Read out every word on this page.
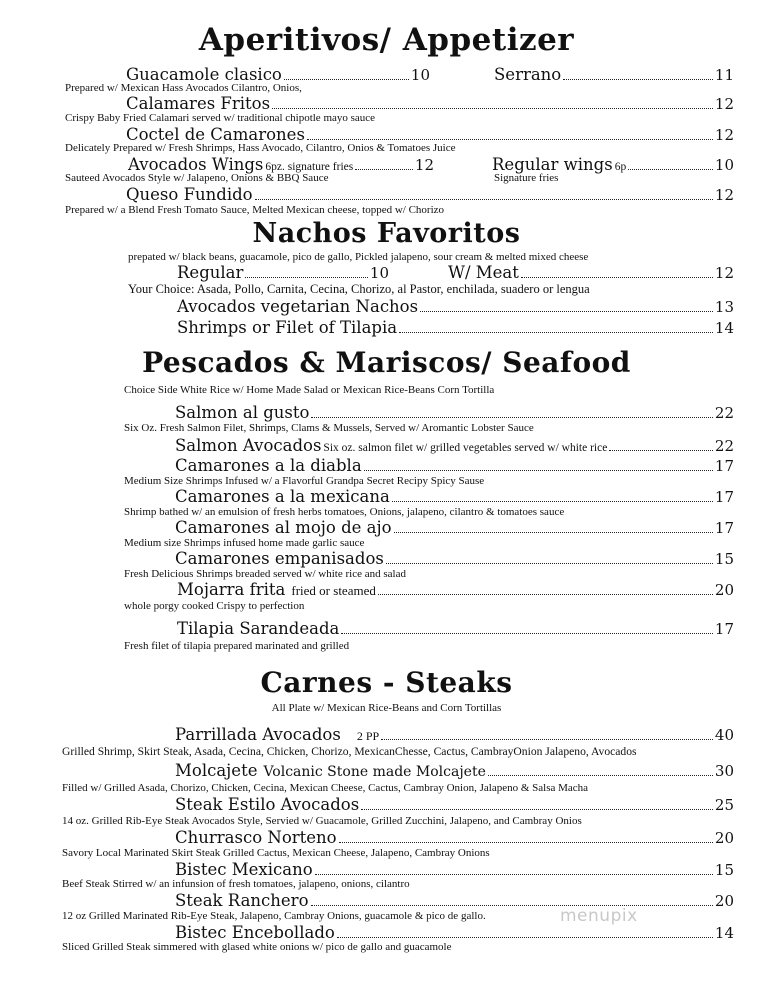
Aperitivos/ Appetizer
Guacamole clasico	10	Serrano	11
Prepared w/ Mexican Hass Avocados Cilantro, Onios,
Calamares Fritos	12
Crispy Baby Fried Calamari served w/ traditional chipotle mayo sauce
Coctel de Camarones	12
Delicately Prepared w/ Fresh Shrimps, Hass Avocado, Cilantro, Onios & Tomatoes Juice
Avocados Wings 6pz. signature fries	12	Regular wings 6p	10
Sauteed Avocados Style w/ Jalapeno, Onions & BBQ Sauce	Signature fries
Queso Fundido	12
Prepared w/ a Blend Fresh Tomato Sauce, Melted Mexican cheese, topped w/ Chorizo
Nachos Favoritos
prepated w/ black beans, guacamole, pico de gallo, Pickled jalapeno, sour cream & melted mixed cheese
Regular	10	W/ Meat	12
Your Choice: Asada, Pollo, Carnita, Cecina, Chorizo, al Pastor, enchilada, suadero or lengua
Avocados vegetarian Nachos	13
Shrimps or Filet of Tilapia	14
Pescados & Mariscos/ Seafood
Choice Side White Rice w/ Home Made Salad or Mexican Rice-Beans Corn Tortilla
Salmon al gusto	22
Six Oz. Fresh Salmon Filet, Shrimps, Clams & Mussels, Served w/ Aromantic Lobster Sauce
Salmon Avocados Six oz. salmon filet w/ grilled vegetables served w/ white rice	22
Camarones a la diabla	17
Medium Size Shrimps Infused w/ a Flavorful Grandpa Secret Recipy Spicy Sause
Camarones a la mexicana	17
Shrimp bathed w/ an emulsion of fresh herbs tomatoes, Onions, jalapeno, cilantro & tomatoes sauce
Camarones al mojo de ajo	17
Medium size Shrimps infused home made garlic sauce
Camarones empanisados	15
Fresh Delicious Shrimps breaded served w/ white rice and salad
Mojarra frita fried or steamed	20
whole porgy cooked Crispy to perfection
Tilapia Sarandeada	17
Fresh filet of tilapia prepared marinated and grilled
Carnes - Steaks
All Plate w/ Mexican Rice-Beans and Corn Tortillas
Parrillada Avocados 2 PP	40
Grilled Shrimp, Skirt Steak, Asada, Cecina, Chicken, Chorizo, MexicanChesse, Cactus, CambrayOnion Jalapeno, Avocados
Molcajete Volcanic Stone made Molcajete	30
Filled w/ Grilled Asada, Chorizo, Chicken, Cecina, Mexican Cheese, Cactus, Cambray Onion, Jalapeno & Salsa Macha
Steak Estilo Avocados	25
14 oz. Grilled Rib-Eye Steak Avocados Style, Servied w/ Guacamole, Grilled Zucchini, Jalapeno, and Cambray Onios
Churrasco Norteno	20
Savory Local Marinated Skirt Steak Grilled Cactus, Mexican Cheese, Jalapeno, Cambray Onions
Bistec Mexicano	15
Beef Steak Stirred w/ an infunsion of fresh tomatoes, jalapeno, onions, cilantro
Steak Ranchero	20
12 oz Grilled Marinated Rib-Eye Steak, Jalapeno, Cambray Onions, guacamole & pico de gallo.
Bistec Encebollado	14
Sliced Grilled Steak simmered with glased white onions w/ pico de gallo and guacamole
menupix
